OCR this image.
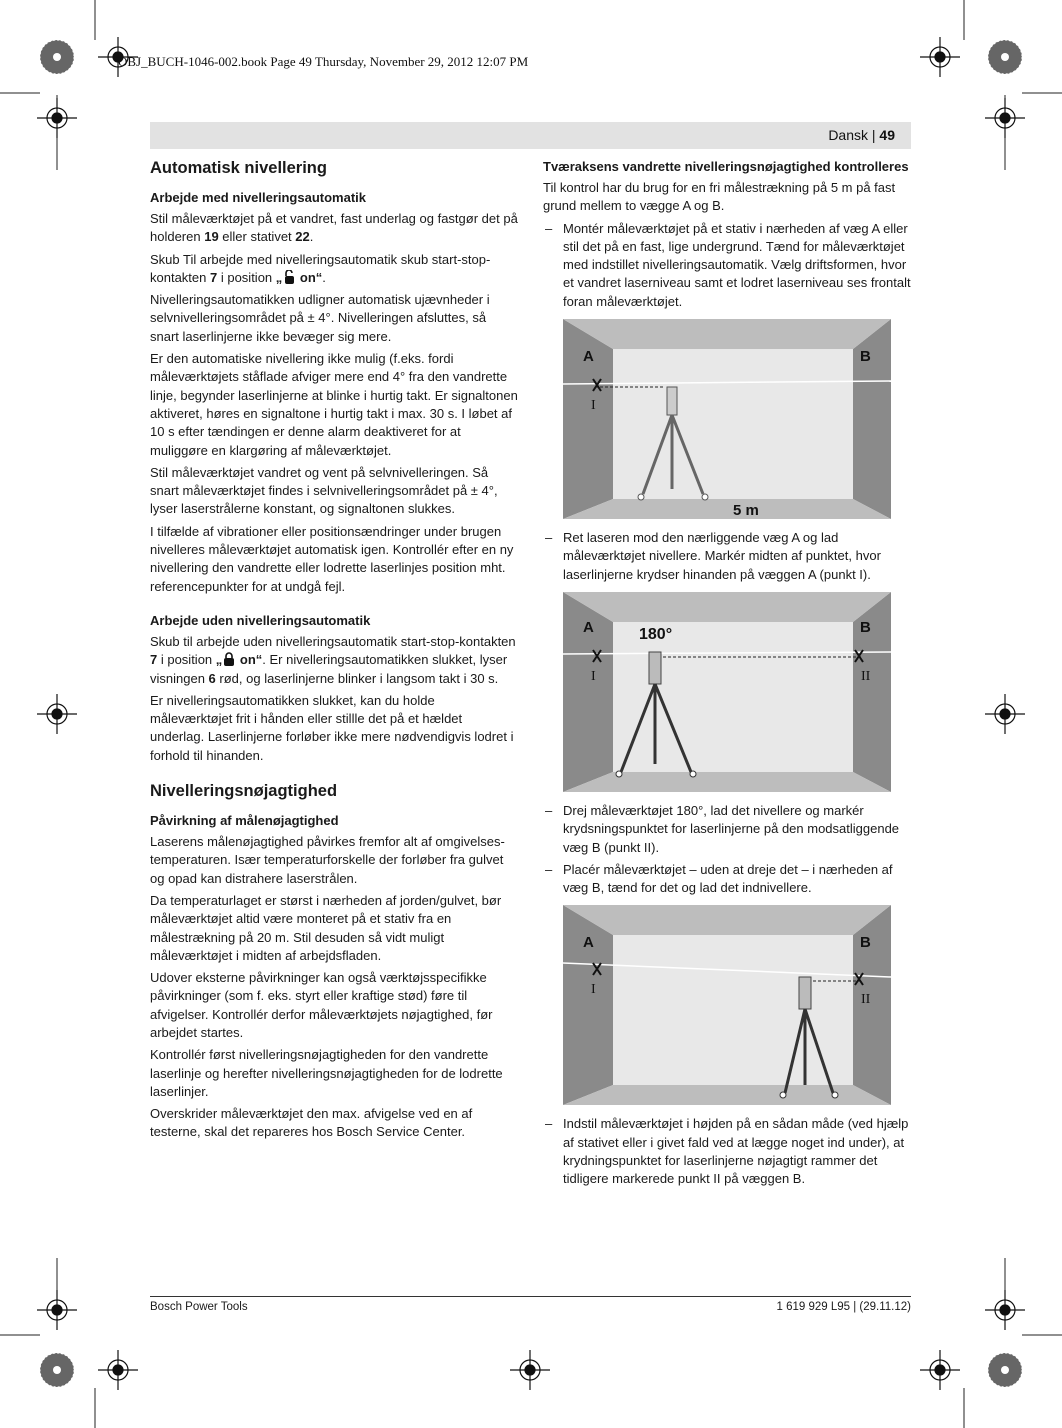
OBJ_BUCH-1046-002.book Page 49 Thursday, November 29, 2012 12:07 PM
Dansk | 49
Automatisk nivellering
Arbejde med nivelleringsautomatik
Stil måleværktøjet på et vandret, fast underlag og fastgør det på holderen 19 eller stativet 22.
Skub Til arbejde med nivelleringsautomatik skub start-stop-kontakten 7 i position „ on“.
Nivelleringsautomatikken udligner automatisk ujævnheder i selvnivelleringsområdet på ± 4°. Nivelleringen afsluttes, så snart laserlinjerne ikke bevæger sig mere.
Er den automatiske nivellering ikke mulig (f.eks. fordi måleværktøjets ståflade afviger mere end 4° fra den vandrette linje, begynder laserlinjerne at blinke i hurtig takt. Er signaltonen aktiveret, høres en signaltone i hurtig takt i max. 30 s. I løbet af 10 s efter tændingen er denne alarm deaktiveret for at muliggøre en klargøring af måleværktøjet.
Stil måleværktøjet vandret og vent på selvnivelleringen. Så snart måleværktøjet findes i selvnivelleringsområdet på ± 4°, lyser laserstrålerne konstant, og signaltonen slukkes.
I tilfælde af vibrationer eller positionsændringer under brugen nivelleres måleværktøjet automatisk igen. Kontrollér efter en ny nivellering den vandrette eller lodrette laserlinjes position mht. referencepunkter for at undgå fejl.
Arbejde uden nivelleringsautomatik
Skub til arbejde uden nivelleringsautomatik start-stop-kontakten 7 i position „ on“. Er nivelleringsautomatikken slukket, lyser visningen 6 rød, og laserlinjerne blinker i langsom takt i 30 s.
Er nivelleringsautomatikken slukket, kan du holde måleværktøjet frit i hånden eller stillle det på et hældet underlag. Laserlinjerne forløber ikke mere nødvendigvis lodret i forhold til hinanden.
Nivelleringsnøjagtighed
Påvirkning af målenøjagtighed
Laserens målenøjagtighed påvirkes fremfor alt af omgivelses-temperaturen. Især temperaturforskelle der forløber fra gulvet og opad kan distrahere laserstrålen.
Da temperaturlaget er størst i nærheden af jorden/gulvet, bør måleværktøjet altid være monteret på et stativ fra en målestrækning på 20 m. Stil desuden så vidt muligt måleværktøjet i midten af arbejdsfladen.
Udover eksterne påvirkninger kan også værktøjsspecifikke påvirkninger (som f. eks. styrt eller kraftige stød) føre til afvigelser. Kontrollér derfor måleværktøjets nøjagtighed, før arbejdet startes.
Kontrollér først nivelleringsnøjagtigheden for den vandrette laserlinje og herefter nivelleringsnøjagtigheden for de lodrette laserlinjer.
Overskrider måleværktøjet den max. afvigelse ved en af testerne, skal det repareres hos Bosch Service Center.
Tværaksens vandrette nivelleringsnøjagtighed kontrolleres
Til kontrol har du brug for en fri målestrækning på 5 m på fast grund mellem to vægge A og B.
– Montér måleværktøjet på et stativ i nærheden af væg A eller stil det på en fast, lige undergrund. Tænd for måleværktøjet med indstillet nivelleringsautomatik. Vælg driftsformen, hvor et vandret laserniveau samt et lodret laserniveau ses frontalt foran måleværktøjet.
A	B
I
5 m
– Ret laseren mod den nærliggende væg A og lad måleværktøjet nivellere. Markér midten af punktet, hvor laserlinjerne krydser hinanden på væggen A (punkt I).
A	B
180°
I	II
– Drej måleværktøjet 180°, lad det nivellere og markér krydsningspunktet for laserlinjerne på den modsatliggende væg B (punkt II).
– Placér måleværktøjet – uden at dreje det – i nærheden af væg B, tænd for det og lad det indnivellere.
A	B
I
II
– Indstil måleværktøjet i højden på en sådan måde (ved hjælp af stativet eller i givet fald ved at lægge noget ind under), at krydningspunktet for laserlinjerne nøjagtigt rammer det tidligere markerede punkt II på væggen B.
Bosch Power Tools	1 619 929 L95 | (29.11.12)
